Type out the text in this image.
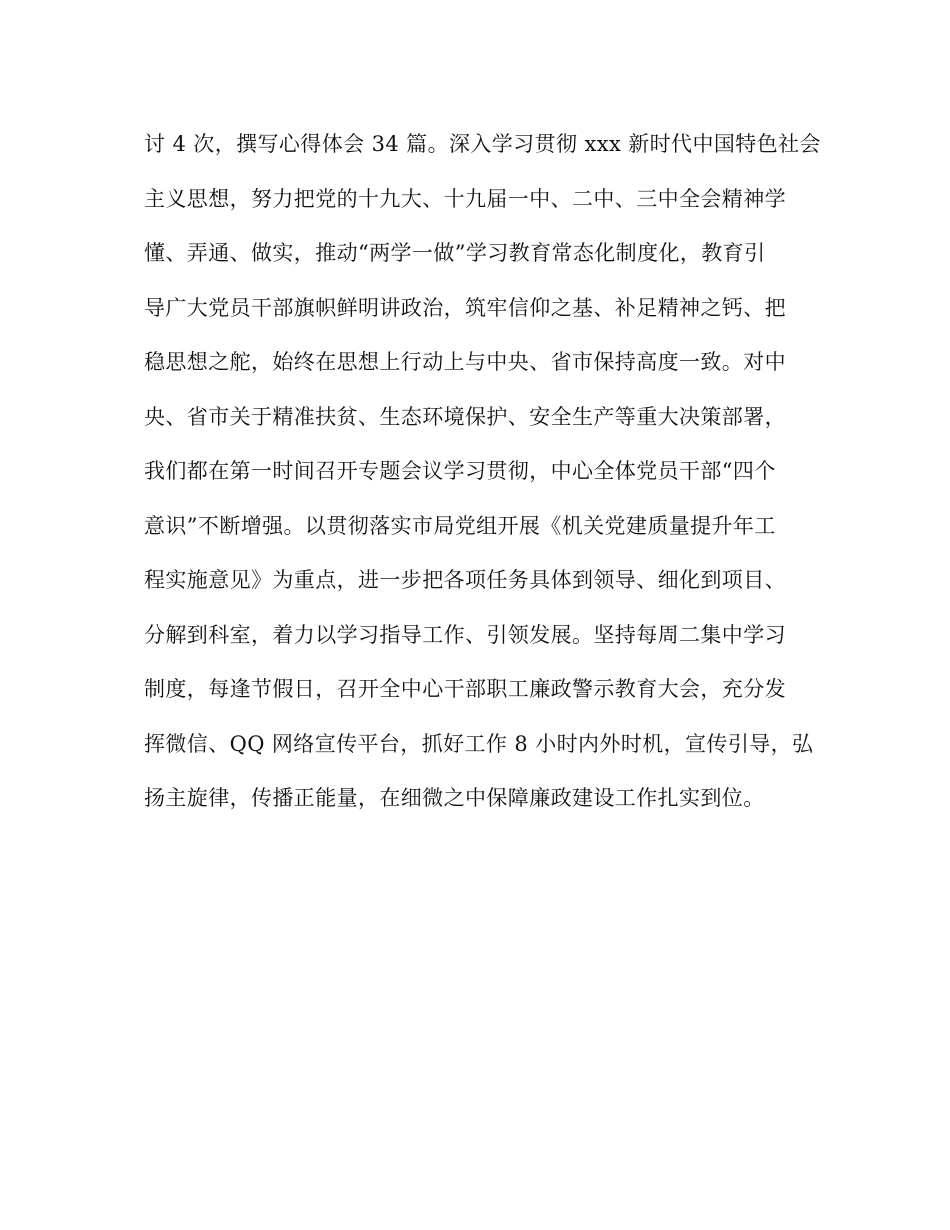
讨 4 次，撰写心得体会 34 篇。深入学习贯彻 xxx 新时代中国特色社会
主义思想，努力把党的十九大、十九届一中、二中、三中全会精神学
懂、弄通、做实，推动“两学一做”学习教育常态化制度化，教育引
导广大党员干部旗帜鲜明讲政治，筑牢信仰之基、补足精神之钙、把
稳思想之舵，始终在思想上行动上与中央、省市保持高度一致。对中
央、省市关于精准扶贫、生态环境保护、安全生产等重大决策部署，
我们都在第一时间召开专题会议学习贯彻，中心全体党员干部“四个
意识”不断增强。以贯彻落实市局党组开展《机关党建质量提升年工
程实施意见》为重点，进一步把各项任务具体到领导、细化到项目、
分解到科室，着力以学习指导工作、引领发展。坚持每周二集中学习
制度，每逢节假日，召开全中心干部职工廉政警示教育大会，充分发
挥微信、QQ 网络宣传平台，抓好工作 8 小时内外时机，宣传引导，弘
扬主旋律，传播正能量，在细微之中保障廉政建设工作扎实到位。
